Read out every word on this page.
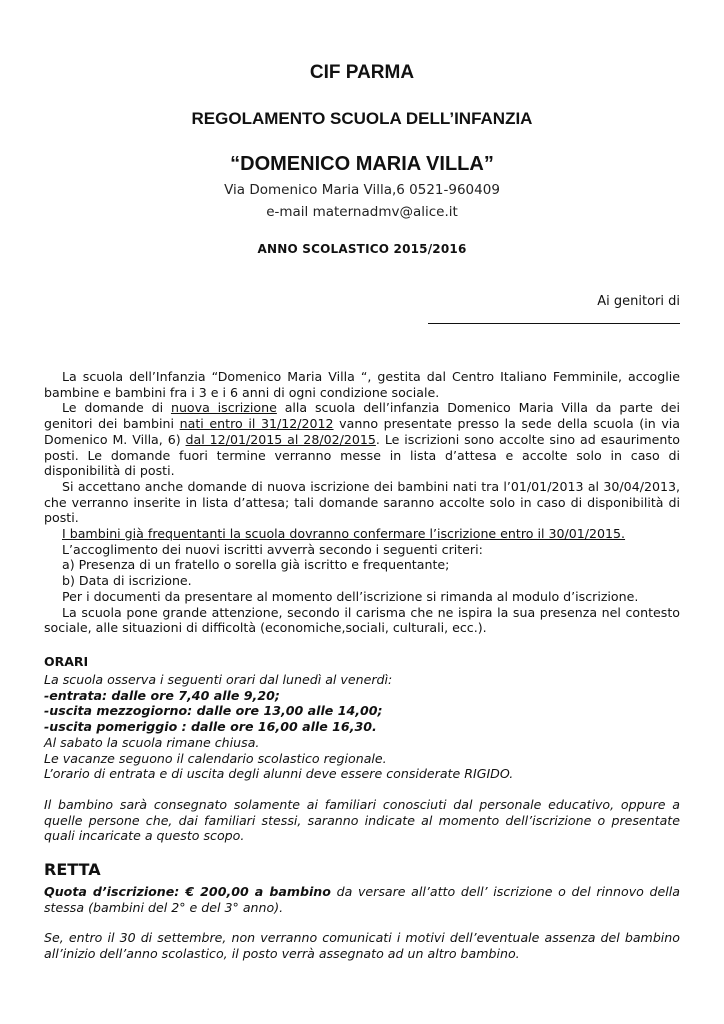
CIF PARMA
REGOLAMENTO SCUOLA DELL’INFANZIA
“DOMENICO MARIA VILLA”
Via Domenico Maria Villa,6 0521-960409
e-mail maternadmv@alice.it
ANNO SCOLASTICO 2015/2016
Ai genitori di

La scuola dell’Infanzia “Domenico Maria Villa “, gestita dal Centro Italiano Femminile, accoglie bambine e bambini fra i 3 e i 6 anni di ogni condizione sociale.

Le domande di nuova iscrizione alla scuola dell’infanzia Domenico Maria Villa da parte dei genitori dei bambini nati entro il 31/12/2012 vanno presentate presso la sede della scuola (in via Domenico M. Villa, 6) dal 12/01/2015 al 28/02/2015. Le iscrizioni sono accolte sino ad esaurimento posti. Le domande fuori termine verranno messe in lista d’attesa e accolte solo in caso di disponibilità di posti.

Si accettano anche domande di nuova iscrizione dei bambini nati tra l’01/01/2013 al 30/04/2013, che verranno inserite in lista d’attesa; tali domande saranno accolte solo in caso di disponibilità di posti.

I bambini già frequentanti la scuola dovranno confermare l’iscrizione entro il 30/01/2015.

L’accoglimento dei nuovi iscritti avverrà secondo i seguenti criteri:

a) Presenza di un fratello o sorella già iscritto e frequentante;

b) Data di iscrizione.

Per i documenti da presentare al momento dell’iscrizione si rimanda al modulo d’iscrizione.

La scuola pone grande attenzione, secondo il carisma che ne ispira la sua presenza nel contesto sociale, alle situazioni di difficoltà (economiche,sociali, culturali, ecc.).

ORARI

La scuola osserva i seguenti orari dal lunedì al venerdì:

-entrata: dalle ore 7,40 alle 9,20;

-uscita mezzogiorno: dalle ore 13,00 alle 14,00;

-uscita pomeriggio : dalle ore 16,00 alle 16,30.

Al sabato la scuola rimane chiusa.

Le vacanze seguono il calendario scolastico regionale.

L’orario di entrata e di uscita degli alunni deve essere considerate RIGIDO.

Il bambino sarà consegnato solamente ai familiari conosciuti dal personale educativo, oppure a quelle persone che, dai familiari stessi, saranno indicate al momento dell’iscrizione o presentate quali incaricate a questo scopo.

RETTA

Quota d’iscrizione: € 200,00 a bambino da versare all’atto dell’ iscrizione o del rinnovo della stessa (bambini del 2° e del 3° anno).

Se, entro il 30 di settembre, non verranno comunicati i motivi dell’eventuale assenza del bambino all’inizio dell’anno scolastico, il posto verrà assegnato ad un altro bambino.
